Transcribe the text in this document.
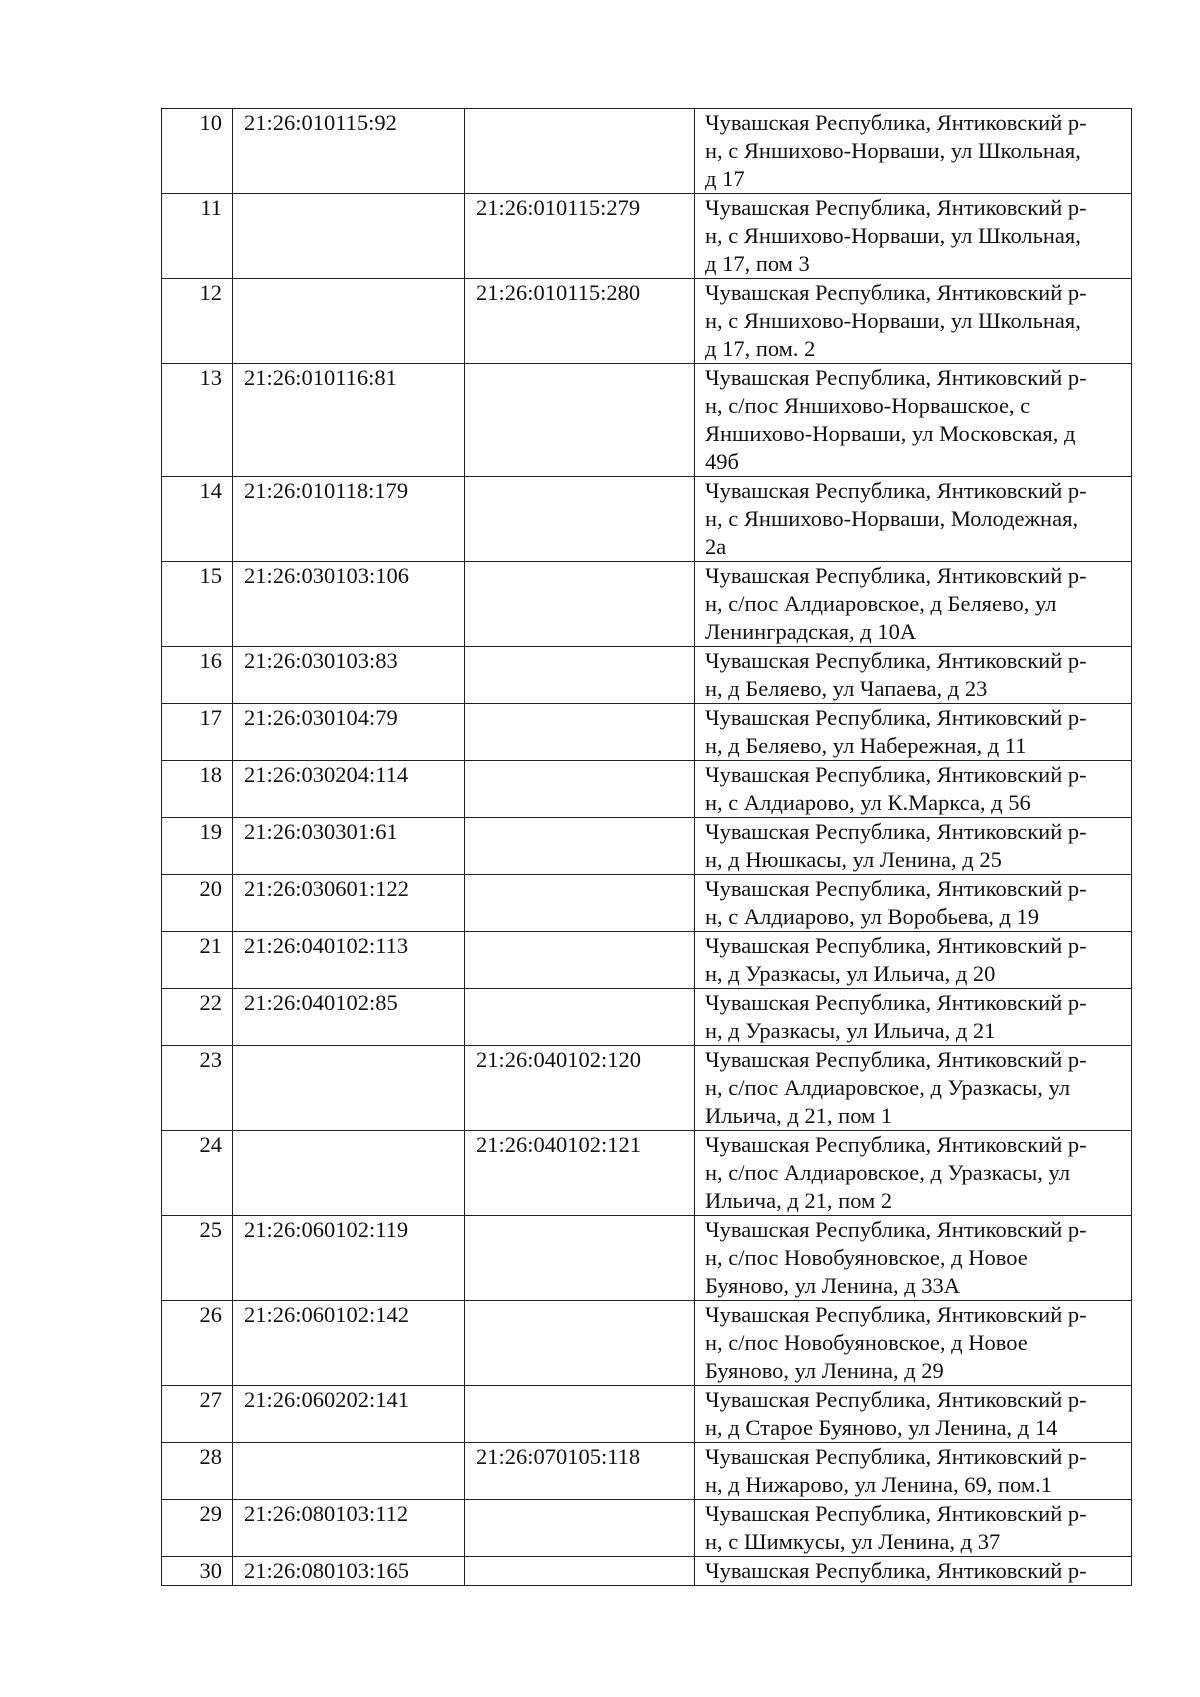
10	21:26:010115:92		Чувашская Республика, Янтиковский р-
н, с Яншихово-Норваши, ул Школьная,
д 17

11		21:26:010115:279	Чувашская Республика, Янтиковский р-
н, с Яншихово-Норваши, ул Школьная,
д 17, пом 3

12		21:26:010115:280	Чувашская Республика, Янтиковский р-
н, с Яншихово-Норваши, ул Школьная,
д 17, пом. 2

13	21:26:010116:81		Чувашская Республика, Янтиковский р-
н, с/пос Яншихово-Норвашское, с
Яншихово-Норваши, ул Московская, д
49б

14	21:26:010118:179		Чувашская Республика, Янтиковский р-
н, с Яншихово-Норваши, Молодежная,
2а

15	21:26:030103:106		Чувашская Республика, Янтиковский р-
н, с/пос Алдиаровское, д Беляево, ул
Ленинградская, д 10А

16	21:26:030103:83		Чувашская Республика, Янтиковский р-
н, д Беляево, ул Чапаева, д 23

17	21:26:030104:79		Чувашская Республика, Янтиковский р-
н, д Беляево, ул Набережная, д 11

18	21:26:030204:114		Чувашская Республика, Янтиковский р-
н, с Алдиарово, ул К.Маркса, д 56

19	21:26:030301:61		Чувашская Республика, Янтиковский р-
н, д Нюшкасы, ул Ленина, д 25

20	21:26:030601:122		Чувашская Республика, Янтиковский р-
н, с Алдиарово, ул Воробьева, д 19

21	21:26:040102:113		Чувашская Республика, Янтиковский р-
н, д Уразкасы, ул Ильича, д 20

22	21:26:040102:85		Чувашская Республика, Янтиковский р-
н, д Уразкасы, ул Ильича, д 21

23		21:26:040102:120	Чувашская Республика, Янтиковский р-
н, с/пос Алдиаровское, д Уразкасы, ул
Ильича, д 21, пом 1

24		21:26:040102:121	Чувашская Республика, Янтиковский р-
н, с/пос Алдиаровское, д Уразкасы, ул
Ильича, д 21, пом 2

25	21:26:060102:119		Чувашская Республика, Янтиковский р-
н, с/пос Новобуяновское, д Новое
Буяново, ул Ленина, д 33А

26	21:26:060102:142		Чувашская Республика, Янтиковский р-
н, с/пос Новобуяновское, д Новое
Буяново, ул Ленина, д 29

27	21:26:060202:141		Чувашская Республика, Янтиковский р-
н, д Старое Буяново, ул Ленина, д 14

28		21:26:070105:118	Чувашская Республика, Янтиковский р-
н, д Нижарово, ул Ленина, 69, пом.1

29	21:26:080103:112		Чувашская Республика, Янтиковский р-
н, с Шимкусы, ул Ленина, д 37

30	21:26:080103:165		Чувашская Республика, Янтиковский р-
